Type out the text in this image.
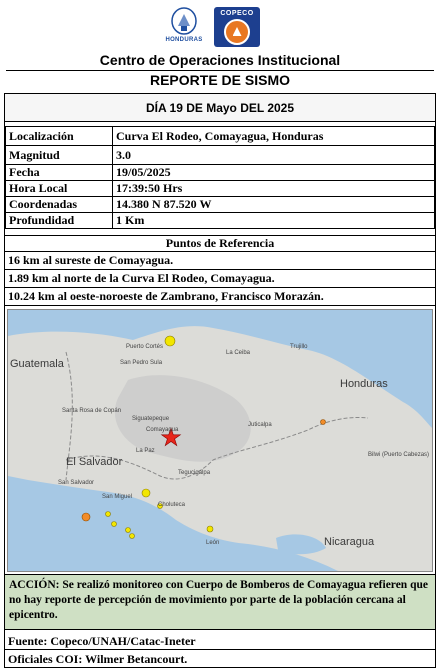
HONDURAS
COPECO
Centro de Operaciones Institucional
REPORTE DE SISMO
DÍA 19 DE Mayo DEL 2025
Localización	Curva El Rodeo, Comayagua, Honduras
Magnitud	3.0
Fecha	19/05/2025
Hora Local	17:39:50 Hrs
Coordenadas	14.380 N 87.520 W
Profundidad	1 Km
Puntos de Referencia
16 km al sureste de Comayagua.
1.89 km al norte de la Curva El Rodeo, Comayagua.
10.24 km al oeste-noroeste de Zambrano, Francisco Morazán.
Guatemala
Honduras
El Salvador
Nicaragua
Puerto Cortés
San Pedro Sula
La Ceiba
Trujillo
Santa Rosa de Copán
Siguatepeque
Comayagua
La Paz
Tegucigalpa
Juticalpa
Bilwi (Puerto Cabezas)
San Salvador
Choluteca
San Miguel
León
ACCIÓN: Se realizó monitoreo con Cuerpo de Bomberos de Comayagua refieren que no hay reporte de percepción de movimiento por parte de la población cercana al epicentro.
Fuente: Copeco/UNAH/Catac-Ineter
Oficiales COI: Wilmer Betancourt.
